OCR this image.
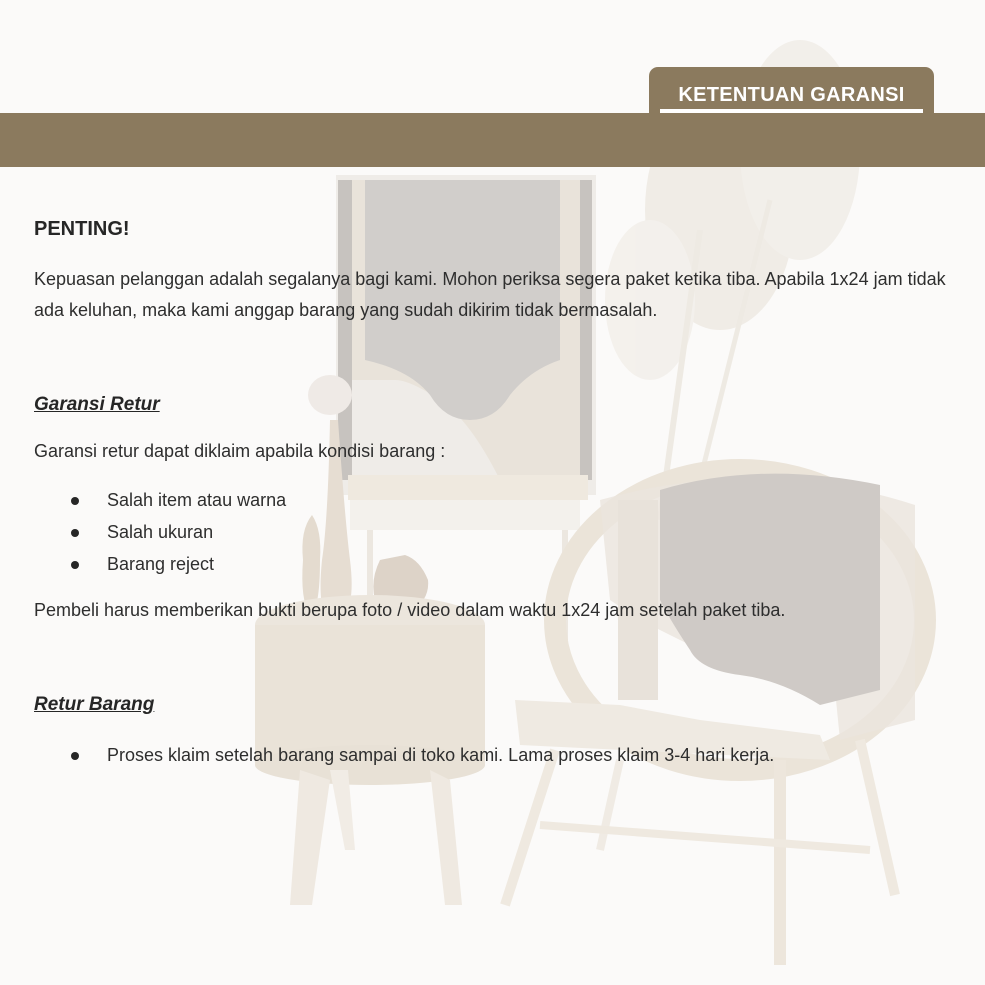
KETENTUAN GARANSI
PENTING!
Kepuasan pelanggan adalah segalanya bagi kami. Mohon periksa segera paket ketika tiba. Apabila 1x24 jam tidak ada keluhan, maka kami anggap barang yang sudah dikirim tidak bermasalah.
Garansi Retur
Garansi retur dapat diklaim apabila kondisi barang :
Salah item atau warna
Salah ukuran
Barang reject
Pembeli harus memberikan bukti berupa foto / video dalam waktu 1x24 jam setelah paket tiba.
Retur Barang
Proses klaim setelah barang sampai di toko kami. Lama proses klaim 3-4 hari kerja.
